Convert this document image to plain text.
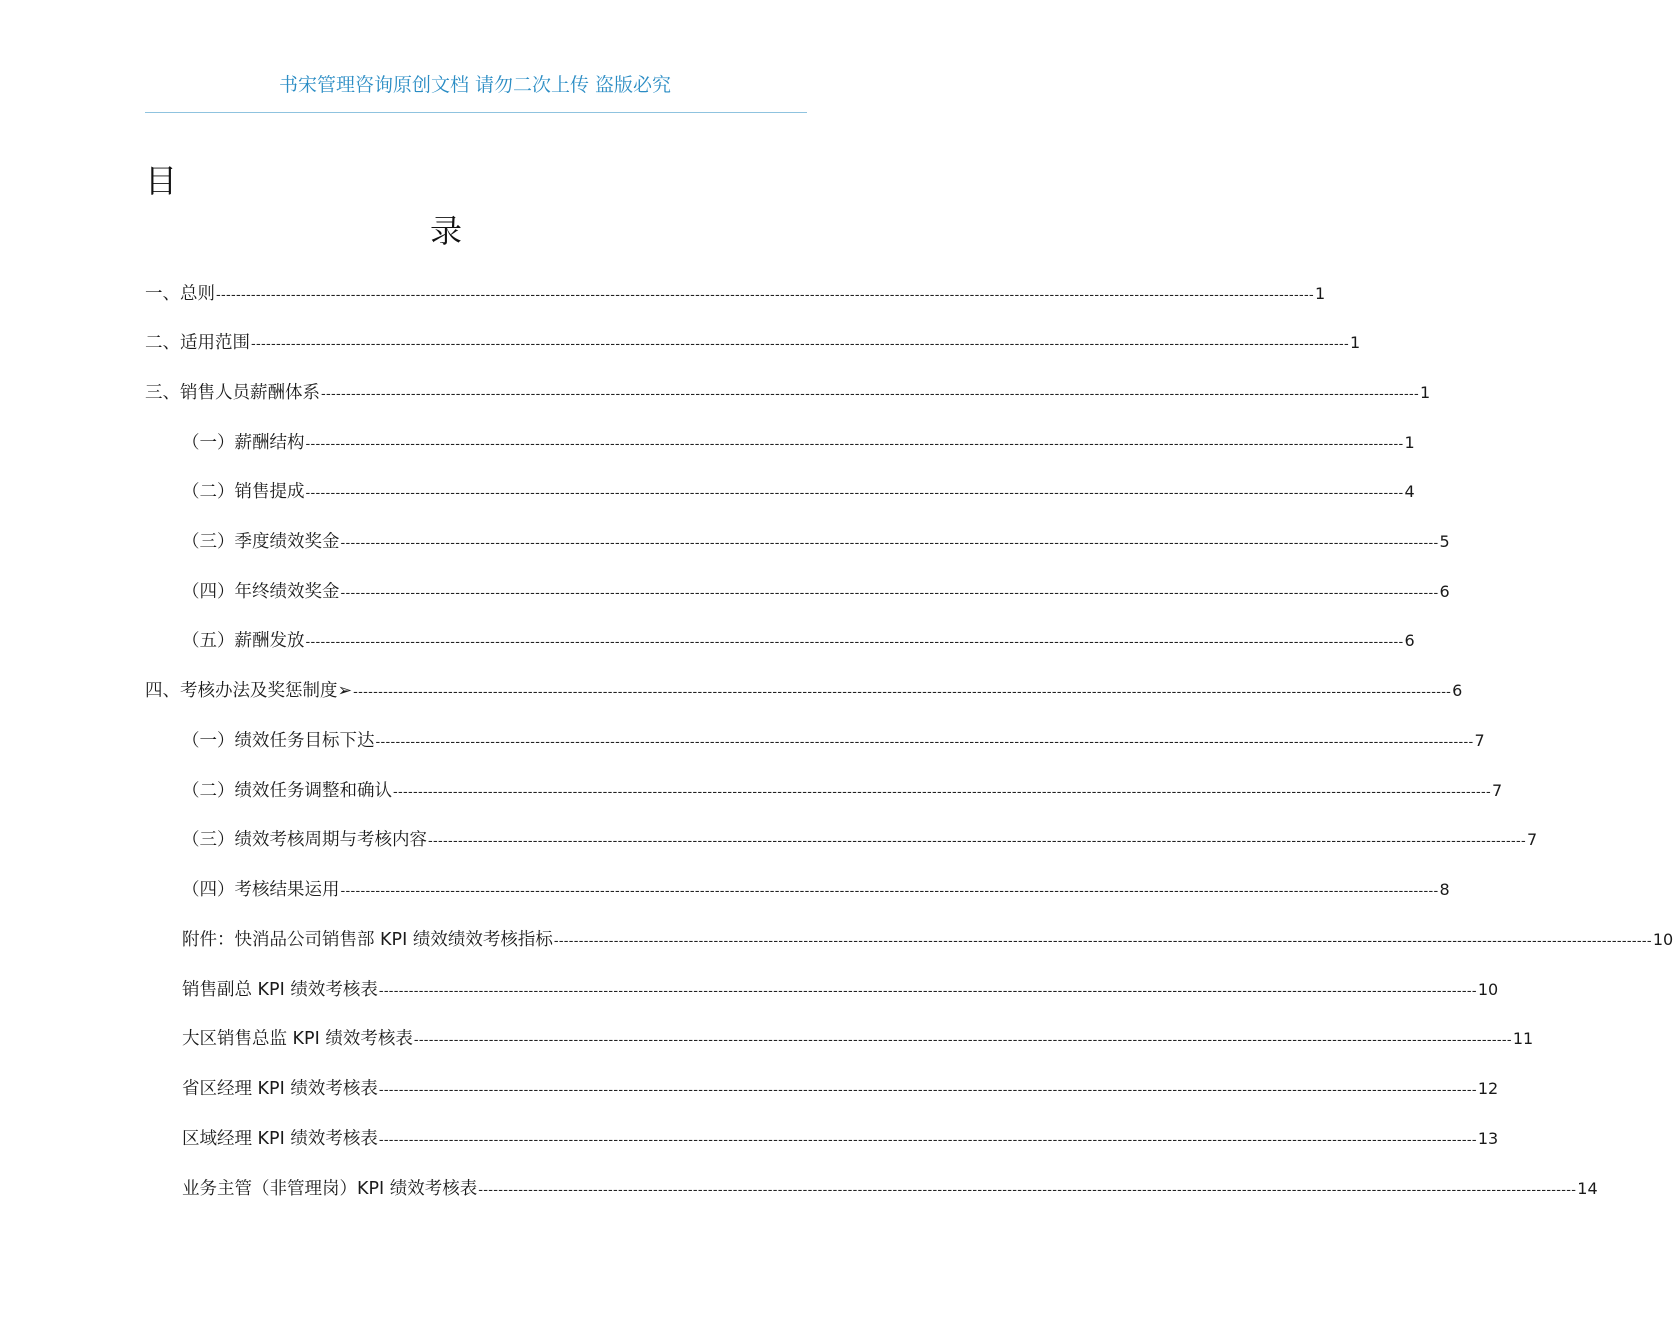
书宋管理咨询原创文档 请勿二次上传 盗版必究
目
录
一、总则 ---------------------------------------------------------------------------------------------------------------------------------------------------------------------------------------------------------------------------- 1
二、适用范围 ---------------------------------------------------------------------------------------------------------------------------------------------------------------------------------------------------------------------------- 1
三、销售人员薪酬体系 ---------------------------------------------------------------------------------------------------------------------------------------------------------------------------------------------------------------------------- 1
（一）薪酬结构 ---------------------------------------------------------------------------------------------------------------------------------------------------------------------------------------------------------------------------- 1
（二）销售提成 ---------------------------------------------------------------------------------------------------------------------------------------------------------------------------------------------------------------------------- 4
（三）季度绩效奖金 ---------------------------------------------------------------------------------------------------------------------------------------------------------------------------------------------------------------------------- 5
（四）年终绩效奖金 ---------------------------------------------------------------------------------------------------------------------------------------------------------------------------------------------------------------------------- 6
（五）薪酬发放 ---------------------------------------------------------------------------------------------------------------------------------------------------------------------------------------------------------------------------- 6
四、考核办法及奖惩制度➢ ---------------------------------------------------------------------------------------------------------------------------------------------------------------------------------------------------------------------------- 6
（一）绩效任务目标下达 ---------------------------------------------------------------------------------------------------------------------------------------------------------------------------------------------------------------------------- 7
（二）绩效任务调整和确认 ---------------------------------------------------------------------------------------------------------------------------------------------------------------------------------------------------------------------------- 7
（三）绩效考核周期与考核内容 ---------------------------------------------------------------------------------------------------------------------------------------------------------------------------------------------------------------------------- 7
（四）考核结果运用 ---------------------------------------------------------------------------------------------------------------------------------------------------------------------------------------------------------------------------- 8
附件：快消品公司销售部 KPI 绩效绩效考核指标 ---------------------------------------------------------------------------------------------------------------------------------------------------------------------------------------------------------------------------- 10
销售副总 KPI 绩效考核表 ---------------------------------------------------------------------------------------------------------------------------------------------------------------------------------------------------------------------------- 10
大区销售总监 KPI 绩效考核表 ---------------------------------------------------------------------------------------------------------------------------------------------------------------------------------------------------------------------------- 11
省区经理 KPI 绩效考核表 ---------------------------------------------------------------------------------------------------------------------------------------------------------------------------------------------------------------------------- 12
区域经理 KPI 绩效考核表 ---------------------------------------------------------------------------------------------------------------------------------------------------------------------------------------------------------------------------- 13
业务主管（非管理岗）KPI 绩效考核表 ---------------------------------------------------------------------------------------------------------------------------------------------------------------------------------------------------------------------------- 14
